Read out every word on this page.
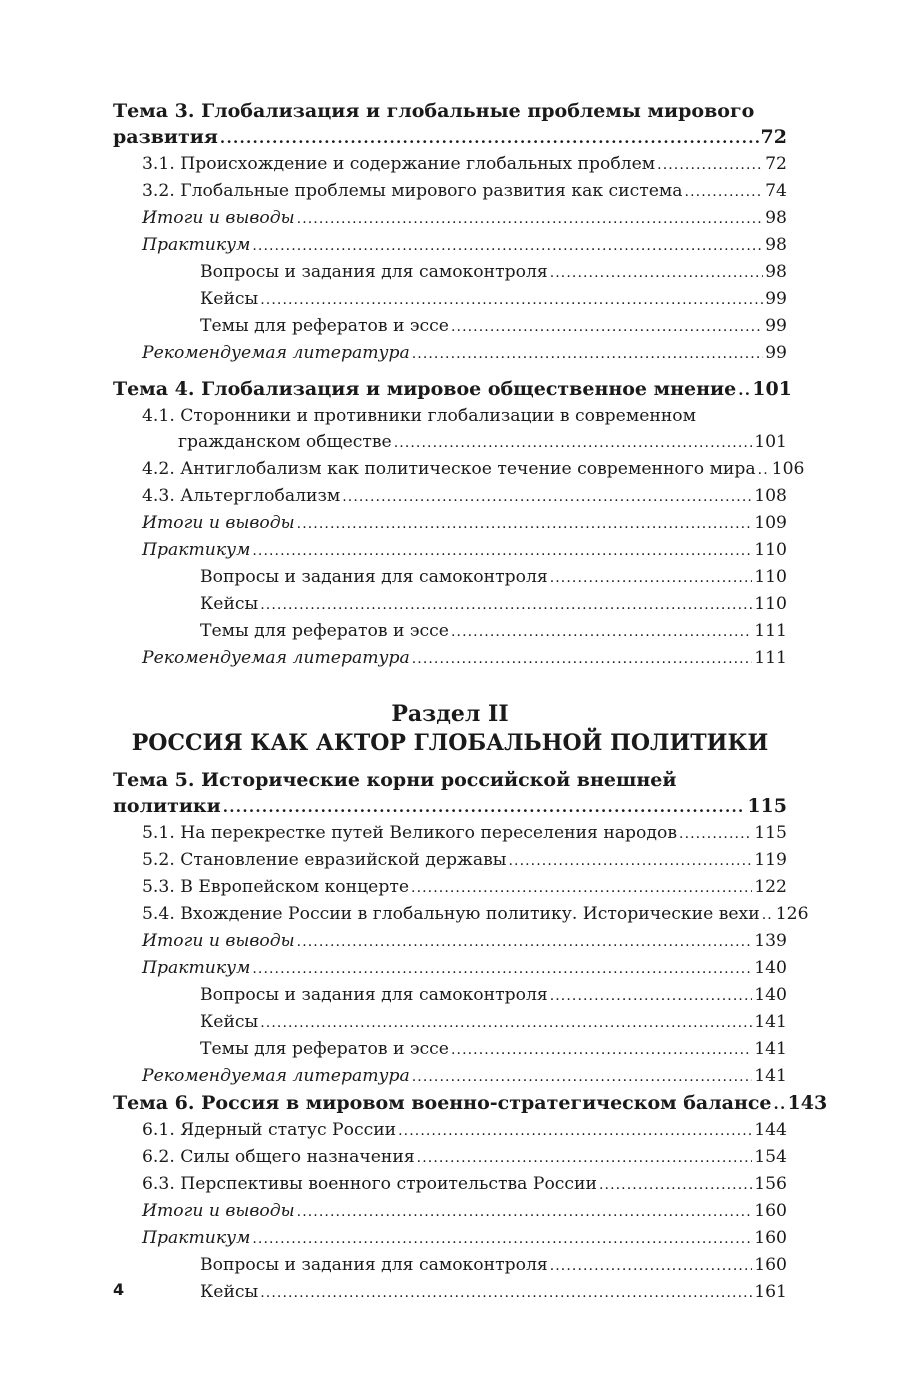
Тема 3. Глобализация и глобальные проблемы мирового
развития .....	72
3.1. Происхождение и содержание глобальных проблем .....	72
3.2. Глобальные проблемы мирового развития как система .....	74
Итоги и выводы .....	98
Практикум .....	98
Вопросы и задания для самоконтроля .....	98
Кейсы .....	99
Темы для рефератов и эссе .....	99
Рекомендуемая литература .....	99
Тема 4. Глобализация и мировое общественное мнение ..... 101
4.1. Сторонники и противники глобализации в современном
гражданском обществе .....	101
4.2. Антиглобализм как политическое течение современного мира ..... 106
4.3. Альтерглобализм .....	108
Итоги и выводы .....	109
Практикум .....	110
Вопросы и задания для самоконтроля .....	110
Кейсы .....	110
Темы для рефератов и эссе .....	111
Рекомендуемая литература .....	111
Раздел II
РОССИЯ КАК АКТОР ГЛОБАЛЬНОЙ ПОЛИТИКИ
Тема 5. Исторические корни российской внешней
политики .....	115
5.1. На перекрестке путей Великого переселения народов .....	115
5.2. Становление евразийской державы .....	119
5.3. В Европейском концерте .....	122
5.4. Вхождение России в глобальную политику. Исторические вехи ..... 126
Итоги и выводы .....	139
Практикум .....	140
Вопросы и задания для самоконтроля .....	140
Кейсы .....	141
Темы для рефератов и эссе .....	141
Рекомендуемая литература .....	141
Тема 6. Россия в мировом военно-стратегическом балансе ..... 143
6.1. Ядерный статус России .....	144
6.2. Силы общего назначения .....	154
6.3. Перспективы военного строительства России .....	156
Итоги и выводы .....	160
Практикум .....	160
Вопросы и задания для самоконтроля .....	160
Кейсы .....	161
4
